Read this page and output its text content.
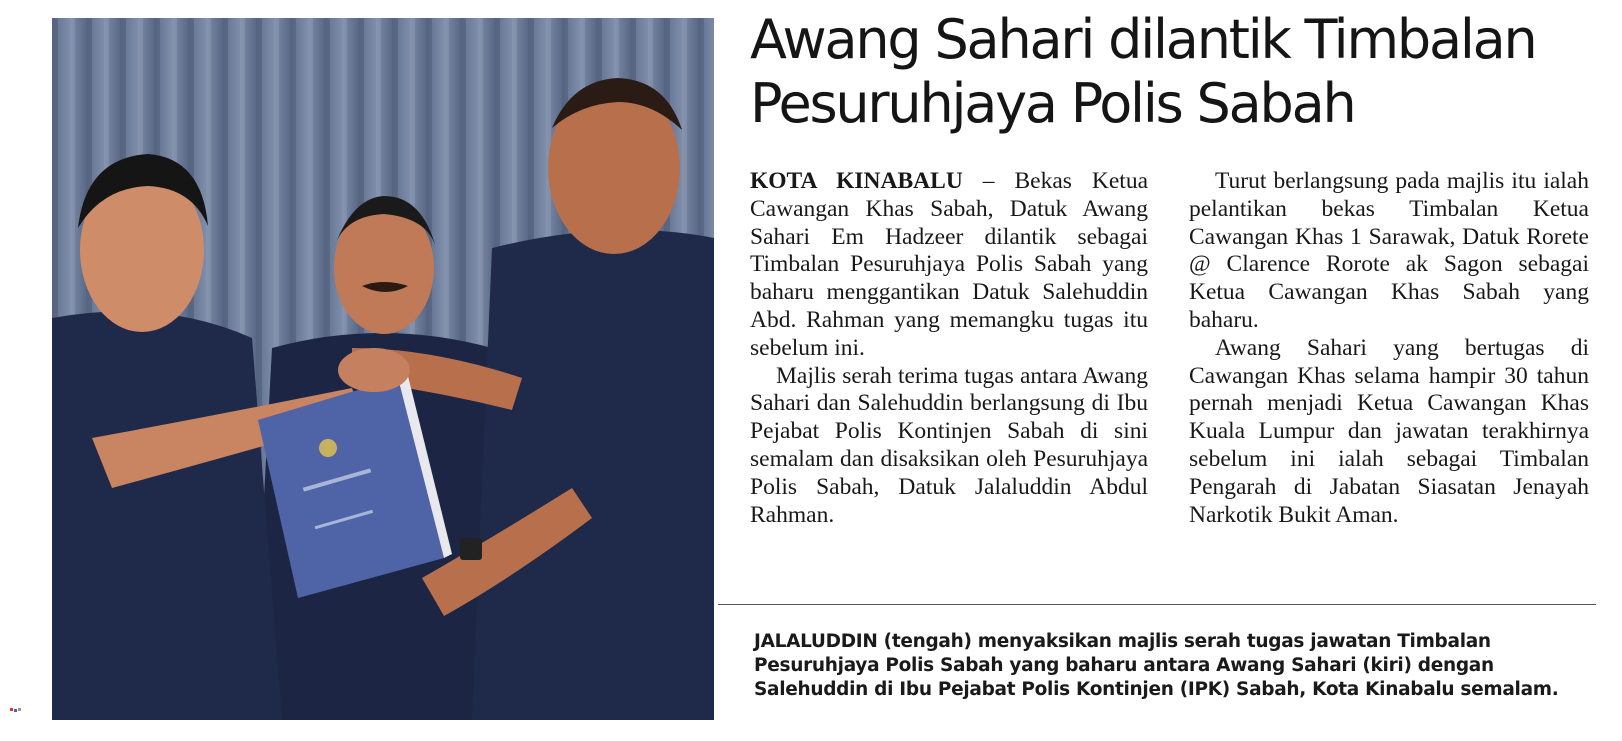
Awang Sahari dilantik Timbalan Pesuruhjaya Polis Sabah

KOTA KINABALU – Bekas Ketua Cawangan Khas Sabah, Datuk Awang Sahari Em Hadzeer dilantik sebagai Timbalan Pesuruhjaya Polis Sabah yang baharu menggantikan Datuk Salehuddin Abd. Rahman yang memangku tugas itu sebelum ini.

Majlis serah terima tugas antara Awang Sahari dan Salehuddin berlangsung di Ibu Pejabat Polis Kontinjen Sabah di sini semalam dan disaksikan oleh Pesuruhjaya Polis Sabah, Datuk Jalaluddin Abdul Rahman.

Turut berlangsung pada majlis itu ialah pelantikan bekas Timbalan Ketua Cawangan Khas 1 Sarawak, Datuk Rorete @ Clarence Rorote ak Sagon sebagai Ketua Cawangan Khas Sabah yang baharu.

Awang Sahari yang bertugas di Cawangan Khas selama hampir 30 tahun pernah menjadi Ketua Cawangan Khas Kuala Lumpur dan jawatan terakhirnya sebelum ini ialah sebagai Timbalan Pengarah di Jabatan Siasatan Jenayah Narkotik Bukit Aman.

JALALUDDIN (tengah) menyaksikan majlis serah tugas jawatan Timbalan Pesuruhjaya Polis Sabah yang baharu antara Awang Sahari (kiri) dengan Salehuddin di Ibu Pejabat Polis Kontinjen (IPK) Sabah, Kota Kinabalu semalam.
